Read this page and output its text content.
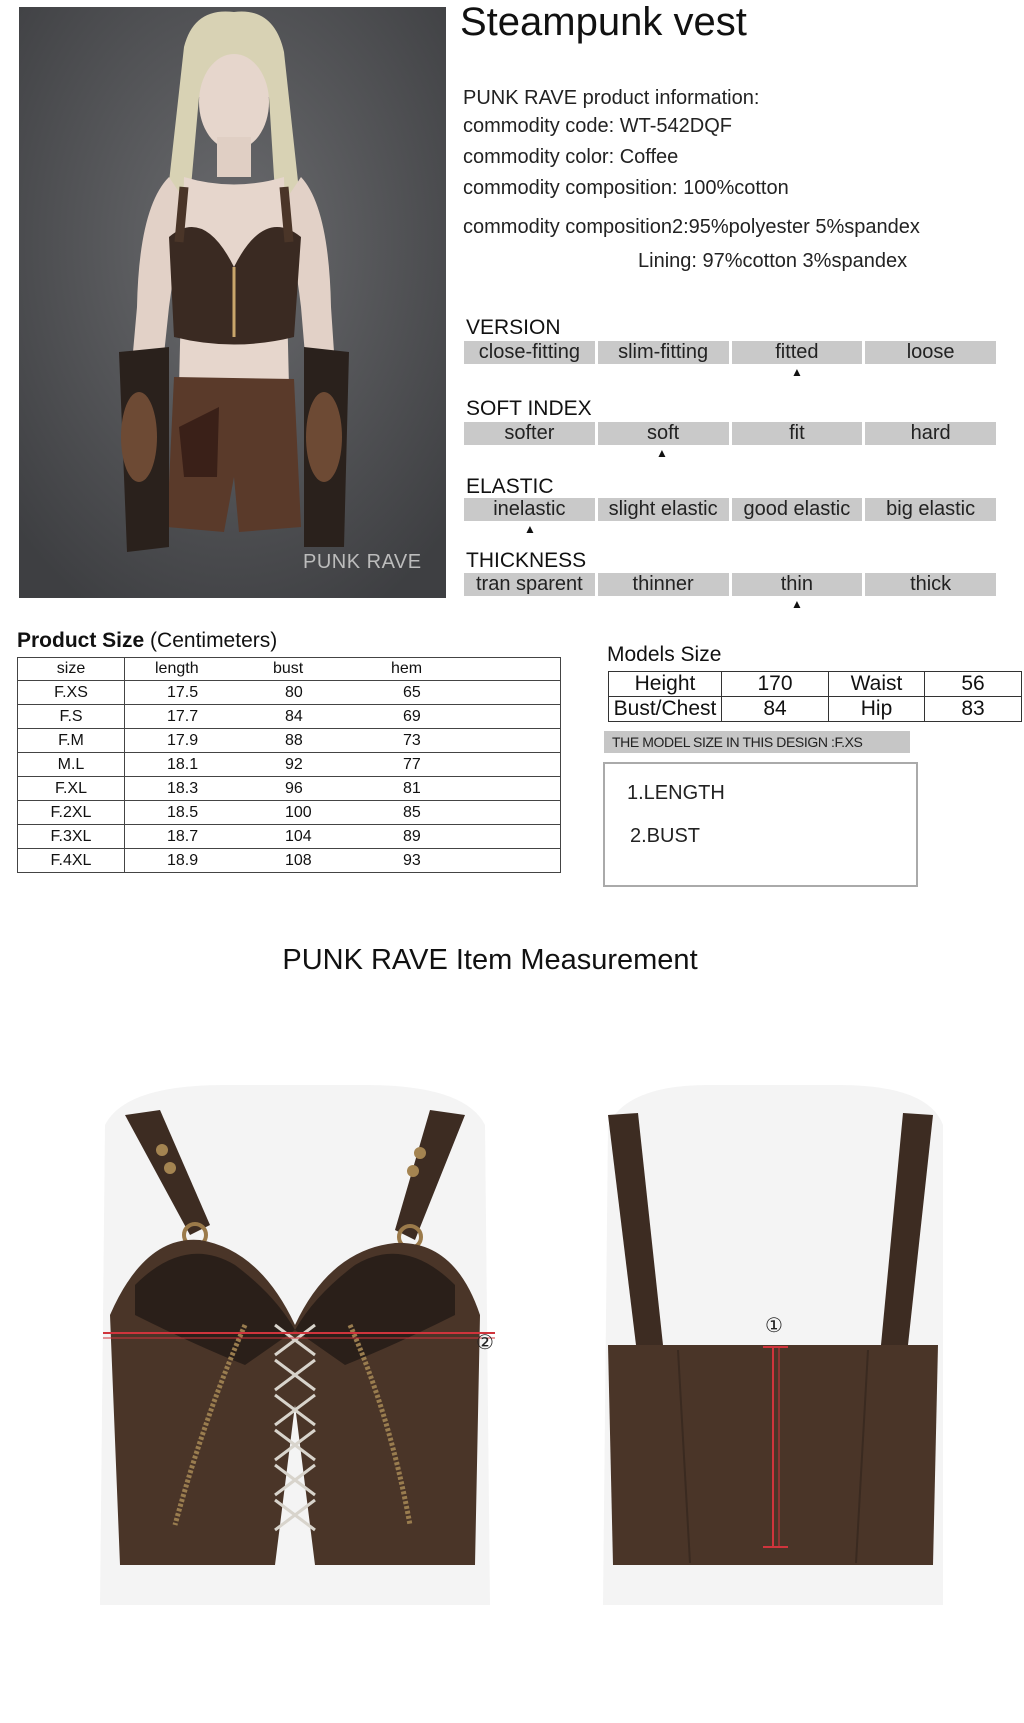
PUNK RAVE
Steampunk vest
PUNK RAVE product information:
commodity code: WT-542DQF
commodity color: Coffee
commodity composition: 100%cotton
commodity composition2:95%polyester 5%spandex
Lining: 97%cotton 3%spandex
VERSION
close-fitting	slim-fitting	fitted	loose
▲
SOFT INDEX
softer	soft	fit	hard
▲
ELASTIC
inelastic	slight elastic	good elastic	big elastic
▲
THICKNESS
tran sparent	thinner	thin	thick
▲
Product Size (Centimeters)
size	length	bust	hem
F.XS	17.5	80	65
F.S	17.7	84	69
F.M	17.9	88	73
M.L	18.1	92	77
F.XL	18.3	96	81
F.2XL	18.5	100	85
F.3XL	18.7	104	89
F.4XL	18.9	108	93
Models Size
Height	170	Waist	56
Bust/Chest	84	Hip	83
THE MODEL SIZE IN THIS DESIGN :F.XS
1.LENGTH
2.BUST
PUNK RAVE Item Measurement
②
①
